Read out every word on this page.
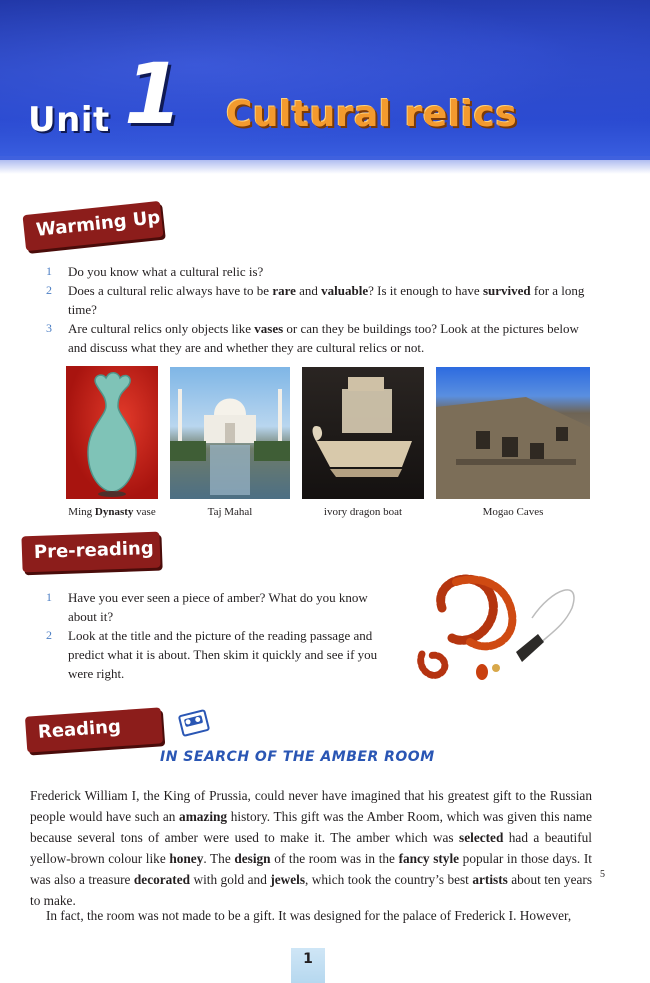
Unit 1 Cultural relics
Warming Up
1 Do you know what a cultural relic is?
2 Does a cultural relic always have to be rare and valuable? Is it enough to have survived for a long time?
3 Are cultural relics only objects like vases or can they be buildings too? Look at the pictures below and discuss what they are and whether they are cultural relics or not.
Ming Dynasty vase	Taj Mahal	ivory dragon boat	Mogao Caves
Pre-reading
1 Have you ever seen a piece of amber? What do you know about it?
2 Look at the title and the picture of the reading passage and predict what it is about. Then skim it quickly and see if you were right.
Reading
IN SEARCH OF THE AMBER ROOM

Frederick William I, the King of Prussia, could never have imagined that his greatest gift to the Russian people would have such an amazing history. This gift was the Amber Room, which was given this name because several tons of amber were used to make it. The amber which was selected had a beautiful yellow-brown colour like honey. The design of the room was in the fancy style popular in those days. It was also a treasure decorated with gold and jewels, which took the country’s best artists about ten years to make.

5

In fact, the room was not made to be a gift. It was designed for the palace of Frederick I. However,

1
